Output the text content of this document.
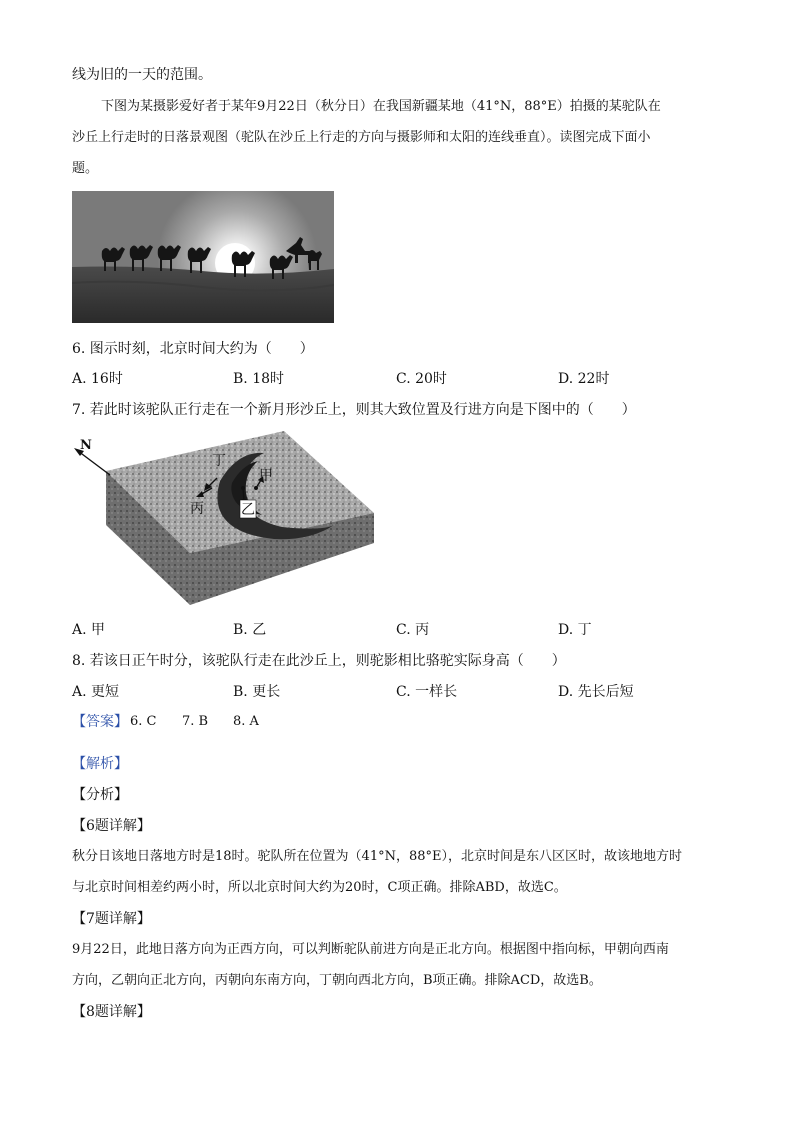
线为旧的一天的范围。
下图为某摄影爱好者于某年9月22日（秋分日）在我国新疆某地（41°N，88°E）拍摄的某驼队在
沙丘上行走时的日落景观图（驼队在沙丘上行走的方向与摄影师和太阳的连线垂直）。读图完成下面小
题。
6. 图示时刻，北京时间大约为（　　）
A. 16时	B. 18时	C. 20时	D. 22时
7. 若此时该驼队正行走在一个新月形沙丘上，则其大致位置及行进方向是下图中的（　　）
N
丁
甲
丙	乙
A. 甲	B. 乙	C. 丙	D. 丁
8. 若该日正午时分，该驼队行走在此沙丘上，则驼影相比骆驼实际身高（　　）
A. 更短	B. 更长	C. 一样长	D. 先长后短
【答案】 6. C 7. B 8. A
【解析】
【分析】
【6题详解】
秋分日该地日落地方时是18时。驼队所在位置为（41°N，88°E），北京时间是东八区区时，故该地地方时
与北京时间相差约两小时，所以北京时间大约为20时，C项正确。排除ABD，故选C。
【7题详解】
9月22日，此地日落方向为正西方向，可以判断驼队前进方向是正北方向。根据图中指向标，甲朝向西南
方向，乙朝向正北方向，丙朝向东南方向，丁朝向西北方向，B项正确。排除ACD，故选B。
【8题详解】
